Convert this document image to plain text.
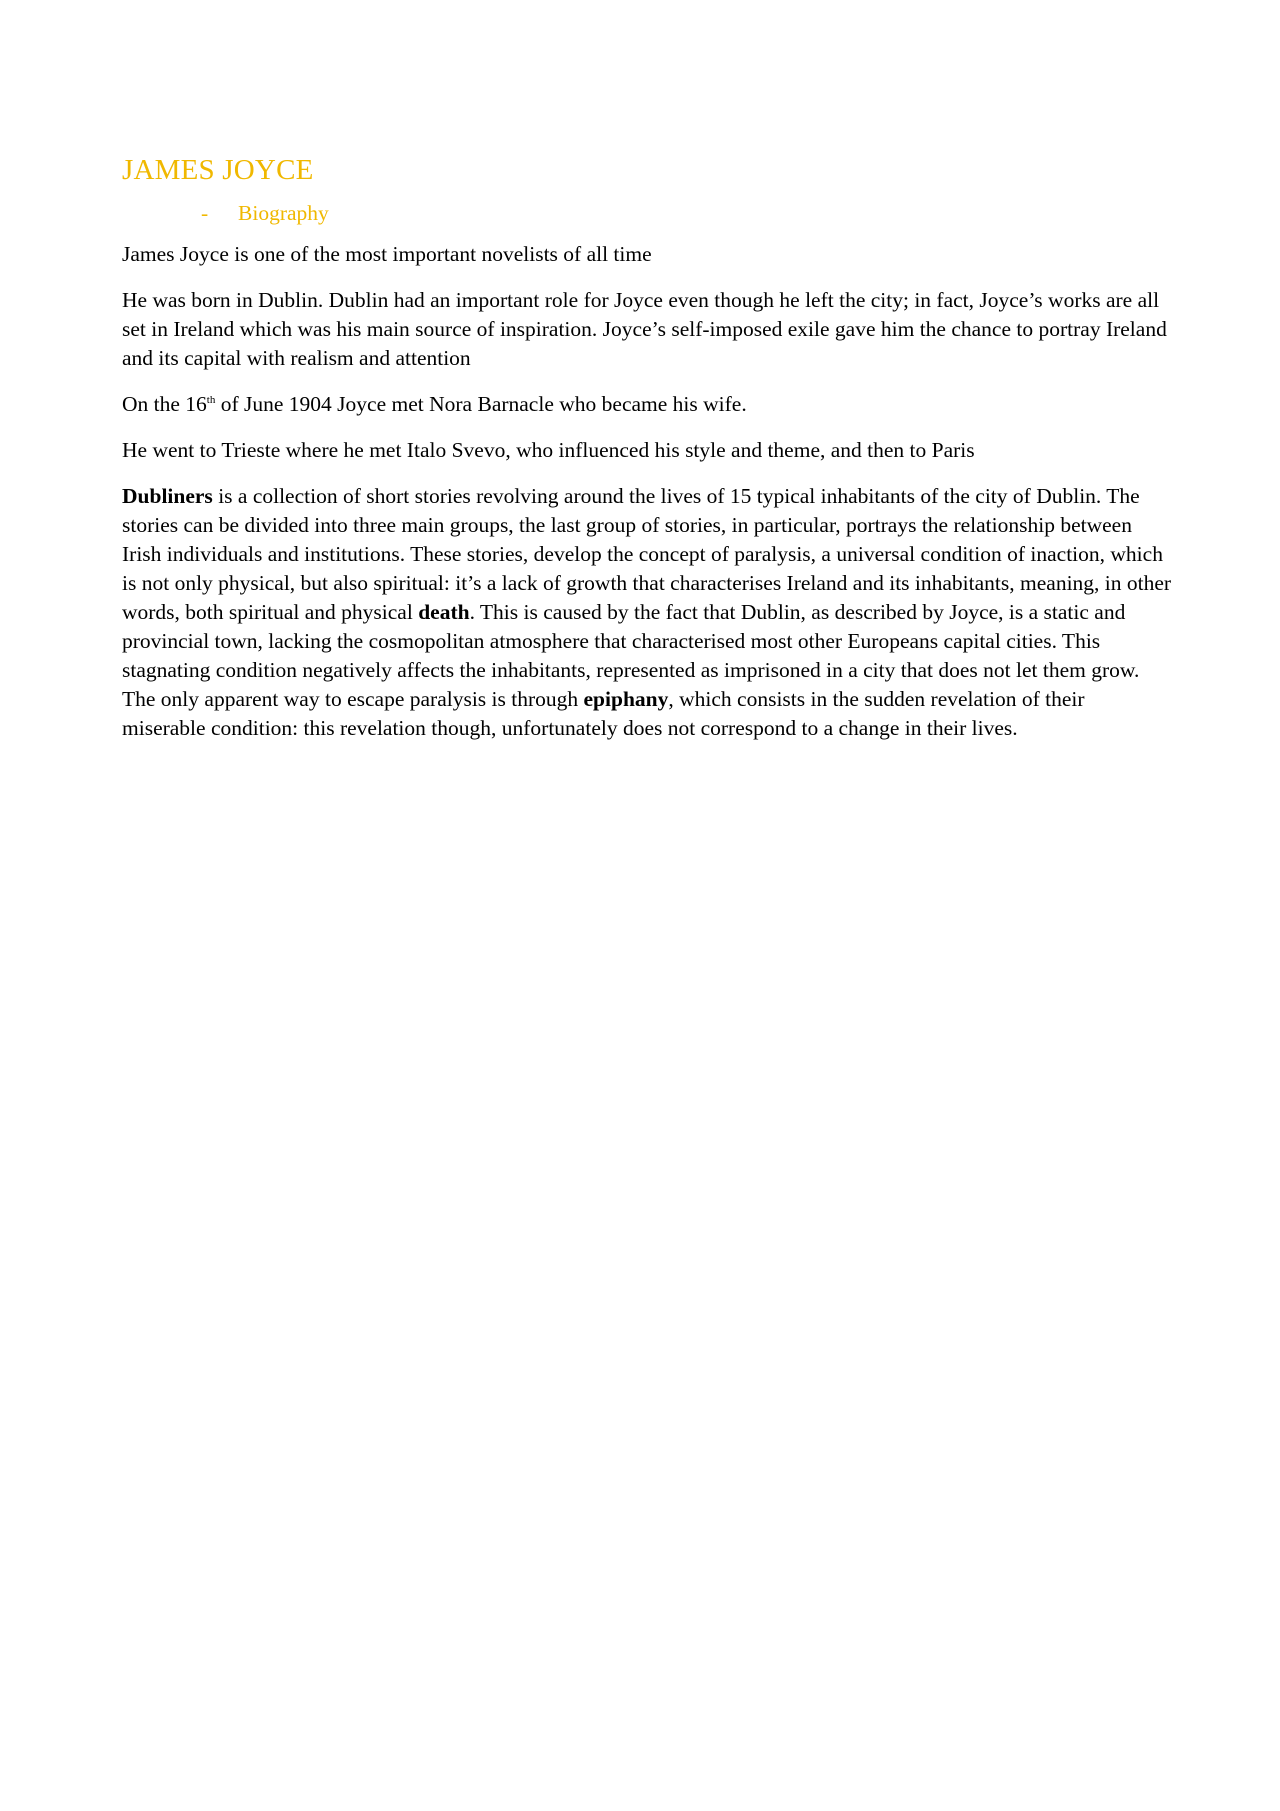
JAMES JOYCE
- Biography

James Joyce is one of the most important novelists of all time

He was born in Dublin. Dublin had an important role for Joyce even though he left the city; in fact, Joyce’s works are all set in Ireland which was his main source of inspiration. Joyce’s self-imposed exile gave him the chance to portray Ireland and its capital with realism and attention

On the 16th of June 1904 Joyce met Nora Barnacle who became his wife.

He went to Trieste where he met Italo Svevo, who influenced his style and theme, and then to Paris

Dubliners is a collection of short stories revolving around the lives of 15 typical inhabitants of the city of Dublin. The stories can be divided into three main groups, the last group of stories, in particular, portrays the relationship between Irish individuals and institutions. These stories, develop the concept of paralysis, a universal condition of inaction, which is not only physical, but also spiritual: it’s a lack of growth that characterises Ireland and its inhabitants, meaning, in other words, both spiritual and physical death. This is caused by the fact that Dublin, as described by Joyce, is a static and provincial town, lacking the cosmopolitan atmosphere that characterised most other Europeans capital cities. This stagnating condition negatively affects the inhabitants, represented as imprisoned in a city that does not let them grow. The only apparent way to escape paralysis is through epiphany, which consists in the sudden revelation of their miserable condition: this revelation though, unfortunately does not correspond to a change in their lives.
